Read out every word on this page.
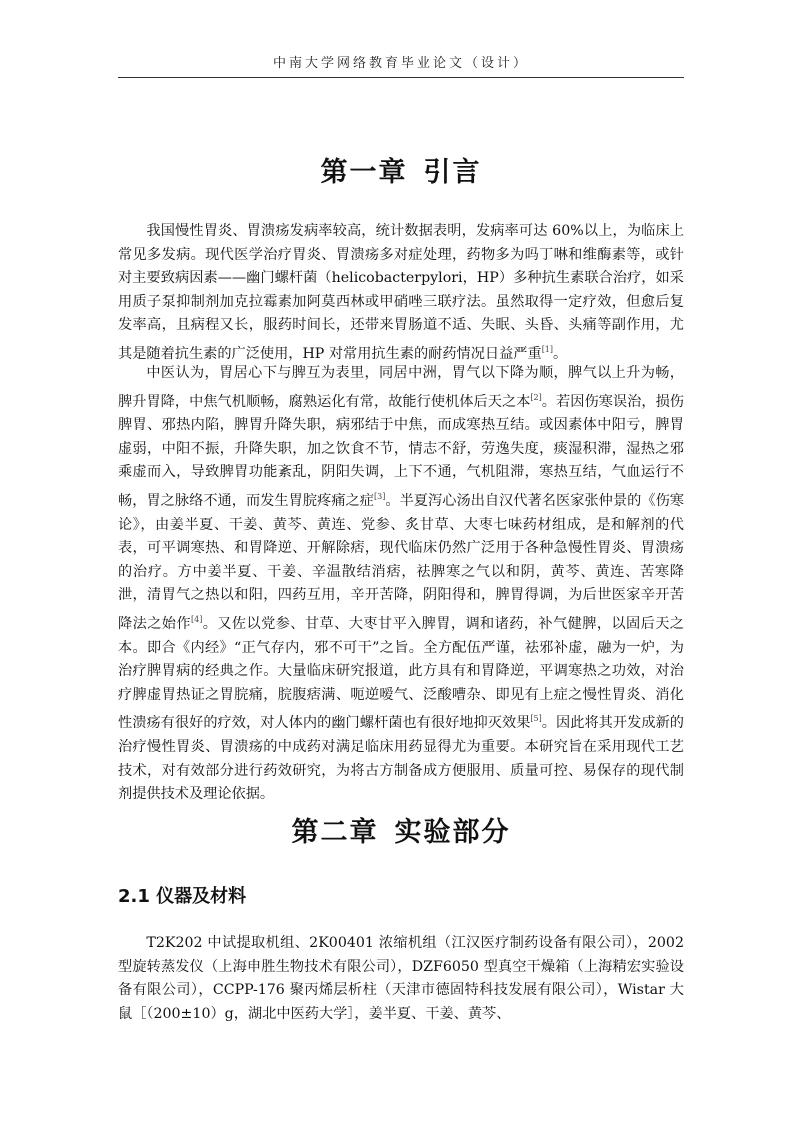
中南大学网络教育毕业论文（设计）
第一章 引言

我国慢性胃炎、胃溃疡发病率较高，统计数据表明，发病率可达 60%以上，为临床上常见多发病。现代医学治疗胃炎、胃溃疡多对症处理，药物多为吗丁啉和维酶素等，或针对主要致病因素——幽门螺杆菌（helicobacterpylori，HP）多种抗生素联合治疗，如采用质子泵抑制剂加克拉霉素加阿莫西林或甲硝唑三联疗法。虽然取得一定疗效，但愈后复发率高，且病程又长，服药时间长，还带来胃肠道不适、失眠、头昏、头痛等副作用，尤其是随着抗生素的广泛使用，HP 对常用抗生素的耐药情况日益严重[1]。

中医认为，胃居心下与脾互为表里，同居中洲，胃气以下降为顺，脾气以上升为畅，脾升胃降，中焦气机顺畅，腐熟运化有常，故能行使机体后天之本[2]。若因伤寒误治，损伤脾胃、邪热内陷，脾胃升降失职，病邪结于中焦，而成寒热互结。或因素体中阳亏，脾胃虚弱，中阳不振，升降失职，加之饮食不节，情志不舒，劳逸失度，痰湿积滞，湿热之邪乘虚而入，导致脾胃功能紊乱，阴阳失调，上下不通，气机阻滞，寒热互结，气血运行不畅，胃之脉络不通，而发生胃脘疼痛之症[3]。半夏泻心汤出自汉代著名医家张仲景的《伤寒论》，由姜半夏、干姜、黄芩、黄连、党参、炙甘草、大枣七味药材组成，是和解剂的代表，可平调寒热、和胃降逆、开解除痞，现代临床仍然广泛用于各种急慢性胃炎、胃溃疡的治疗。方中姜半夏、干姜、辛温散结消痞，祛脾寒之气以和阴，黄芩、黄连、苦寒降泄，清胃气之热以和阳，四药互用，辛开苦降，阴阳得和，脾胃得调，为后世医家辛开苦降法之始作[4]。又佐以党参、甘草、大枣甘平入脾胃，调和诸药，补气健脾，以固后天之本。即合《内经》“正气存内，邪不可干”之旨。全方配伍严谨，祛邪补虚，融为一炉，为治疗脾胃病的经典之作。大量临床研究报道，此方具有和胃降逆，平调寒热之功效，对治疗脾虚胃热证之胃脘痛，脘腹痞满、呃逆嗳气、泛酸嘈杂、即见有上症之慢性胃炎、消化性溃疡有很好的疗效，对人体内的幽门螺杆菌也有很好地抑灭效果[5]。因此将其开发成新的治疗慢性胃炎、胃溃疡的中成药对满足临床用药显得尤为重要。本研究旨在采用现代工艺技术，对有效部分进行药效研究，为将古方制备成方便服用、质量可控、易保存的现代制剂提供技术及理论依据。

第二章 实验部分
2.1 仪器及材料

T2K202 中试提取机组、2K00401 浓缩机组（江汉医疗制药设备有限公司），2002 型旋转蒸发仪（上海申胜生物技术有限公司），DZF6050 型真空干燥箱（上海精宏实验设备有限公司），CCPP-176 聚丙烯层析柱（天津市德固特科技发展有限公司），Wistar 大鼠［（200±10）g，湖北中医药大学］，姜半夏、干姜、黄芩、
